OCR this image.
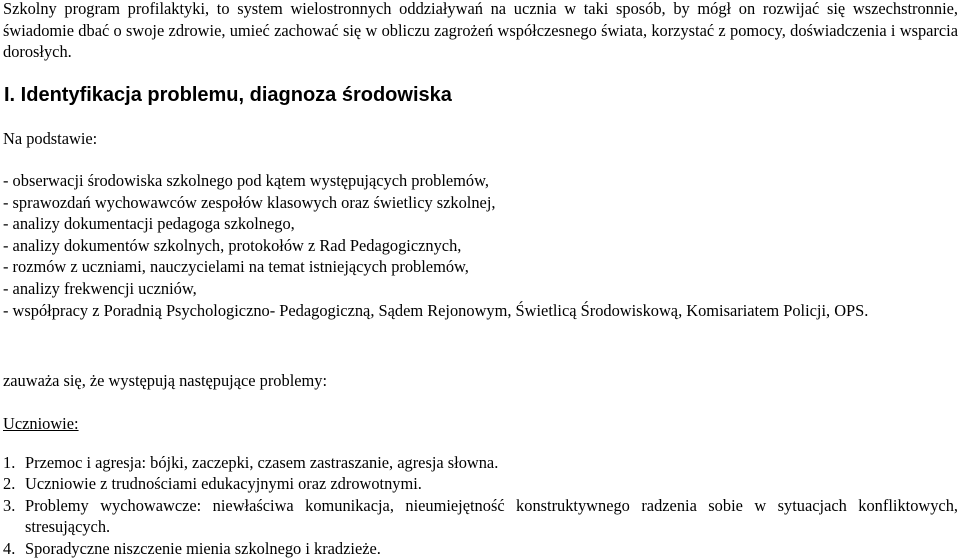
Szkolny program profilaktyki, to system wielostronnych oddziaływań na ucznia w taki sposób, by mógł on rozwijać się wszechstronnie, świadomie dbać o swoje zdrowie, umieć zachować się w obliczu zagrożeń współczesnego świata, korzystać z pomocy, doświadczenia i wsparcia dorosłych.

I. Identyfikacja problemu, diagnoza środowiska

Na podstawie:

- obserwacji środowiska szkolnego pod kątem występujących problemów,
- sprawozdań wychowawców zespołów klasowych oraz świetlicy szkolnej,
- analizy dokumentacji pedagoga szkolnego,
- analizy dokumentów szkolnych, protokołów z Rad Pedagogicznych,
- rozmów z uczniami, nauczycielami na temat istniejących problemów,
- analizy frekwencji uczniów,
- współpracy z Poradnią Psychologiczno- Pedagogiczną, Sądem Rejonowym, Świetlicą Środowiskową, Komisariatem Policji, OPS.

zauważa się, że występują następujące problemy:

Uczniowie:

1. Przemoc i agresja: bójki, zaczepki, czasem zastraszanie, agresja słowna.
2. Uczniowie z trudnościami edukacyjnymi oraz zdrowotnymi.
3. Problemy wychowawcze: niewłaściwa komunikacja, nieumiejętność konstruktywnego radzenia sobie w sytuacjach konfliktowych, stresujących.
4. Sporadyczne niszczenie mienia szkolnego i kradzieże.
